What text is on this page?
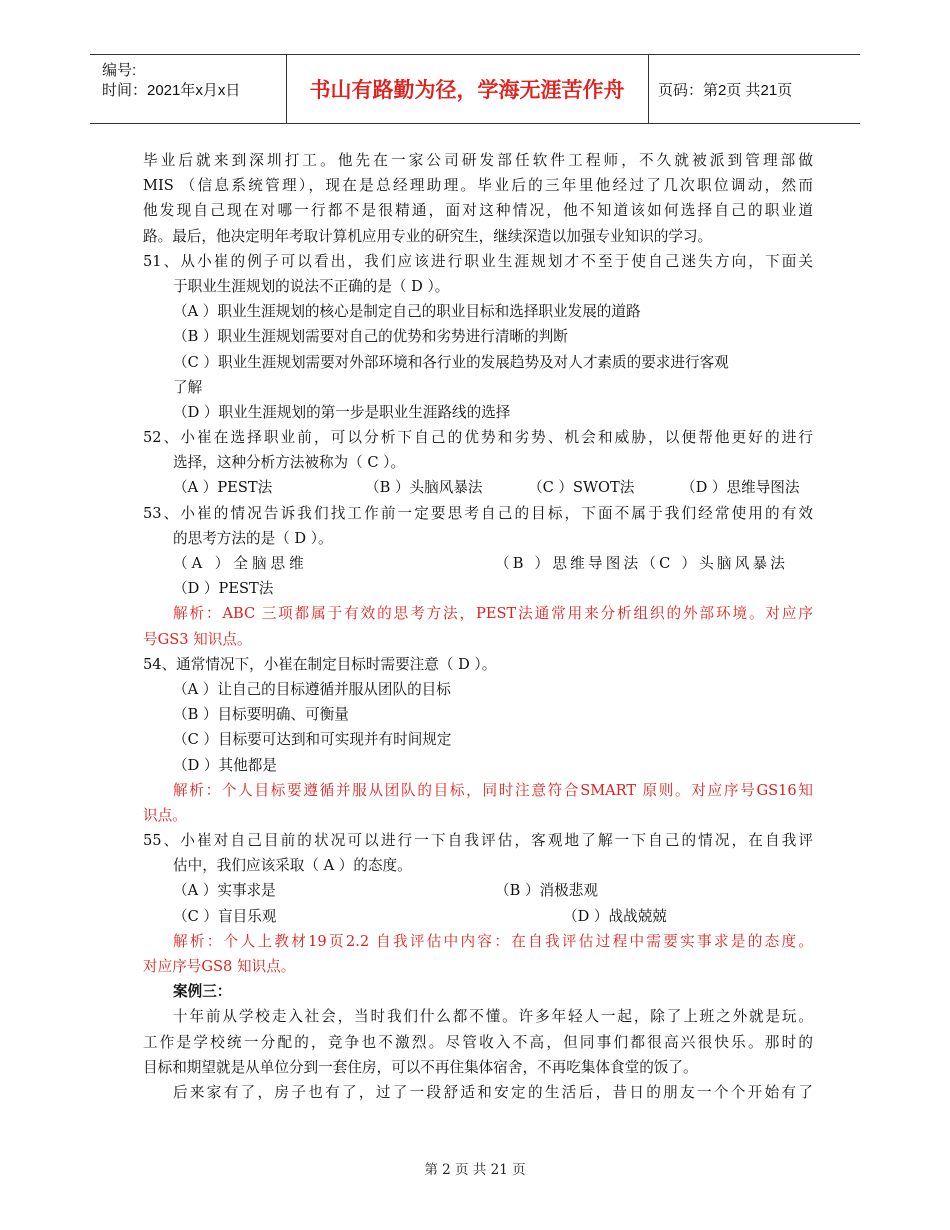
编号:
时间：2021年x月x日	书山有路勤为径，学海无涯苦作舟	页码：第2页 共21页
毕业后就来到深圳打工。他先在一家公司研发部任软件工程师，不久就被派到管理部做
MIS （信息系统管理），现在是总经理助理。毕业后的三年里他经过了几次职位调动，然而
他发现自己现在对哪一行都不是很精通，面对这种情况，他不知道该如何选择自己的职业道
路。最后，他决定明年考取计算机应用专业的研究生，继续深造以加强专业知识的学习。
51、从小崔的例子可以看出，我们应该进行职业生涯规划才不至于使自己迷失方向，下面关
于职业生涯规划的说法不正确的是（ D ）。
（A ）职业生涯规划的核心是制定自己的职业目标和选择职业发展的道路
（B ）职业生涯规划需要对自己的优势和劣势进行清晰的判断
（C ）职业生涯规划需要对外部环境和各行业的发展趋势及对人才素质的要求进行客观
了解
（D ）职业生涯规划的第一步是职业生涯路线的选择
52、小崔在选择职业前，可以分析下自己的优势和劣势、机会和威胁，以便帮他更好的进行
选择，这种分析方法被称为（ C ）。
（A ）PEST法	（B ）头脑风暴法	（C ）SWOT法	（D ）思维导图法
53、小崔的情况告诉我们找工作前一定要思考自己的目标，下面不属于我们经常使用的有效
的思考方法的是（ D ）。
（A ）全脑思维	（B ）思维导图法（C ）头脑风暴法
（D ）PEST法
解析：ABC 三项都属于有效的思考方法，PEST法通常用来分析组织的外部环境。对应序
号GS3 知识点。
54、通常情况下，小崔在制定目标时需要注意（ D ）。
（A ）让自己的目标遵循并服从团队的目标
（B ）目标要明确、可衡量
（C ）目标要可达到和可实现并有时间规定
（D ）其他都是
解析：个人目标要遵循并服从团队的目标，同时注意符合SMART 原则。对应序号GS16知
识点。
55、小崔对自己目前的状况可以进行一下自我评估，客观地了解一下自己的情况，在自我评
估中，我们应该采取（ A ）的态度。
（A ）实事求是	（B ）消极悲观
（C ）盲目乐观	（D ）战战兢兢
解析：个人上教材19页2.2 自我评估中内容：在自我评估过程中需要实事求是的态度。
对应序号GS8 知识点。
案例三：
十年前从学校走入社会，当时我们什么都不懂。许多年轻人一起，除了上班之外就是玩。
工作是学校统一分配的，竞争也不激烈。尽管收入不高，但同事们都很高兴很快乐。那时的
目标和期望就是从单位分到一套住房，可以不再住集体宿舍，不再吃集体食堂的饭了。
后来家有了，房子也有了，过了一段舒适和安定的生活后，昔日的朋友一个个开始有了
第 2 页 共 21 页
